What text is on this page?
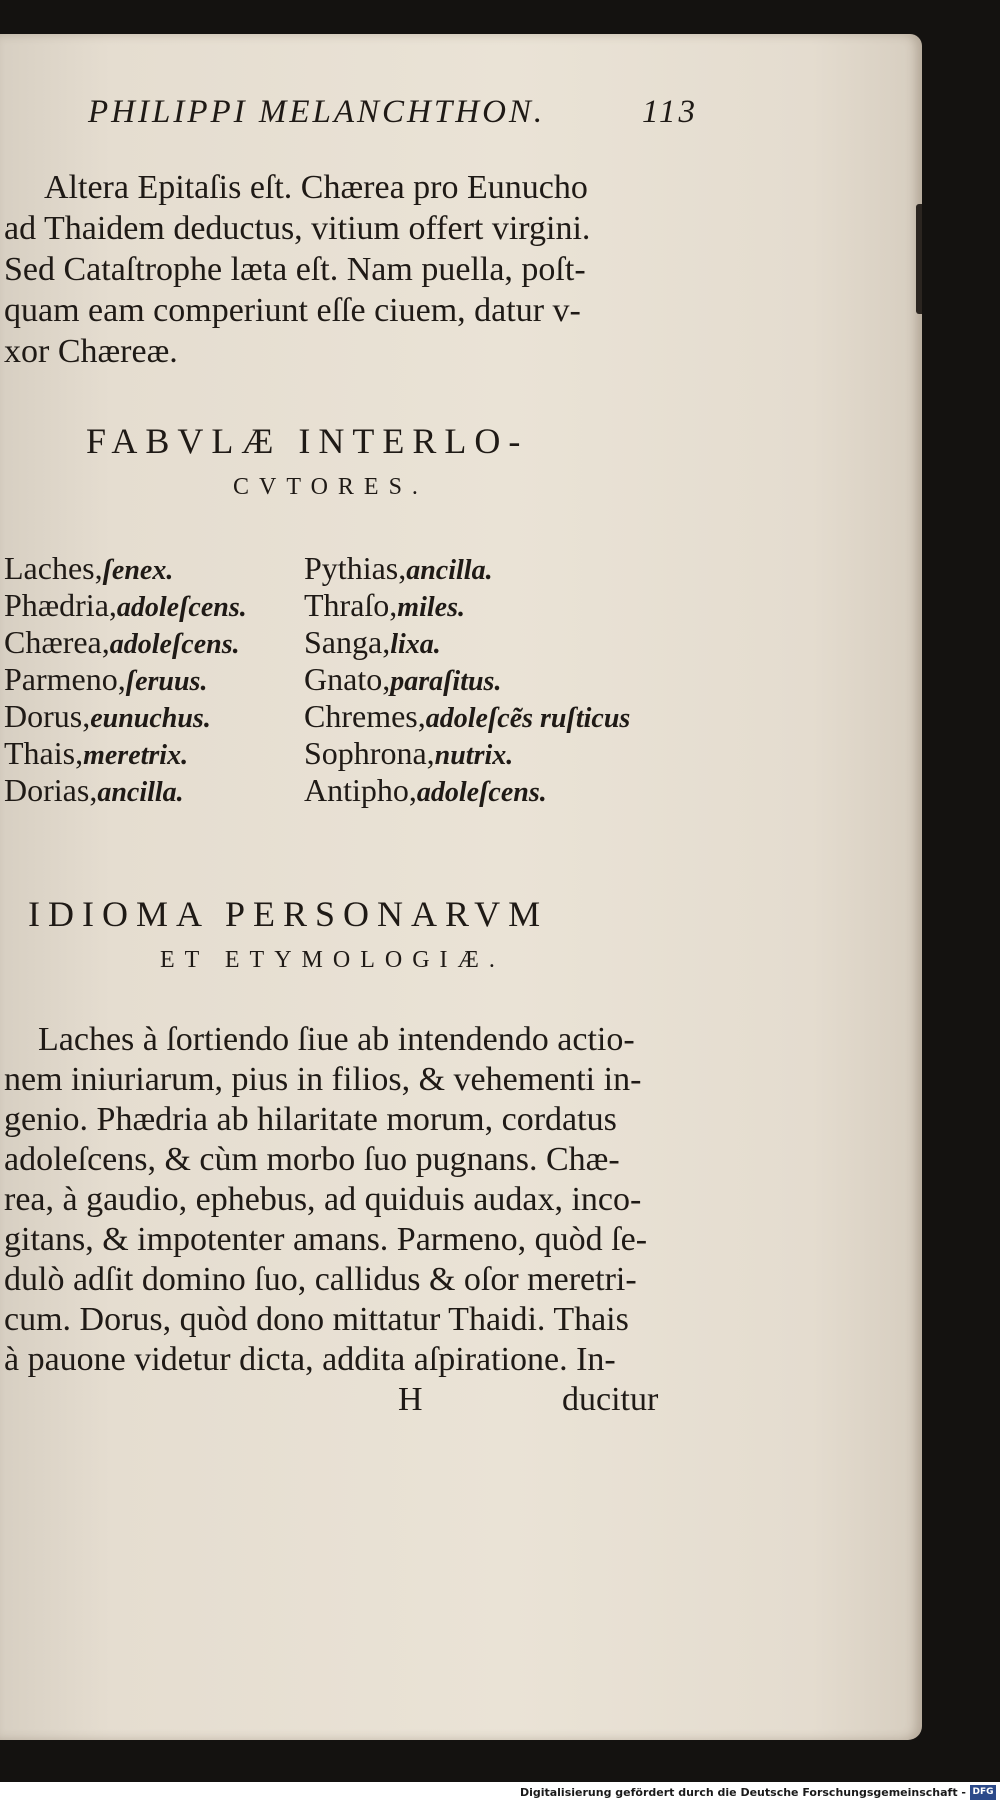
PHILIPPI MELANCHTHON.	113
Altera Epitaſis eſt. Chærea pro Eunucho
ad Thaidem deductus, vitium offert virgini.
Sed Cataſtrophe læta eſt. Nam puella, poſt-
quam eam comperiunt eſſe ciuem, datur v-
xor Chæreæ.
FABVLÆ INTERLO-
CVTORES.
Laches,ſenex.
Phædria,adoleſcens.
Chærea,adoleſcens.
Parmeno,ſeruus.
Dorus,eunuchus.
Thais,meretrix.
Dorias,ancilla.
Pythias,ancilla.
Thraſo,miles.
Sanga,lixa.
Gnato,paraſitus.
Chremes,adoleſcẽs ruſticus
Sophrona,nutrix.
Antipho,adoleſcens.
IDIOMA PERSONARVM
ET ETYMOLOGIÆ.
Laches à ſortiendo ſiue ab intendendo actio-
nem iniuriarum, pius in filios, & vehementi in-
genio. Phædria ab hilaritate morum, cordatus
adoleſcens, & cùm morbo ſuo pugnans. Chæ-
rea, à gaudio, ephebus, ad quiduis audax, inco-
gitans, & impotenter amans. Parmeno, quòd ſe-
dulò adſit domino ſuo, callidus & oſor meretri-
cum. Dorus, quòd dono mittatur Thaidi. Thais
à pauone videtur dicta, addita aſpiratione. In-
H	ducitur
Digitalisierung gefördert durch die Deutsche Forschungsgemeinschaft - DFG
